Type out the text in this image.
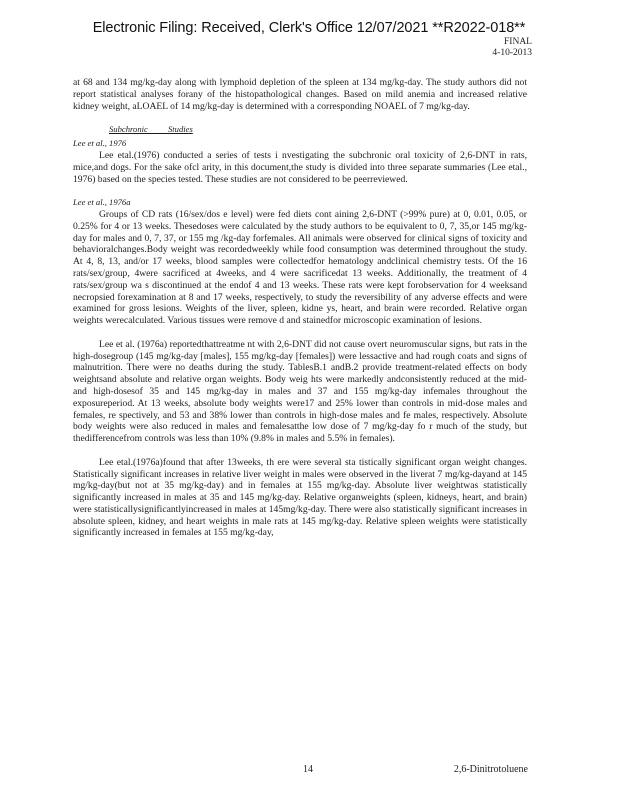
Electronic Filing: Received, Clerk's Office 12/07/2021 **R2022-018**
FINAL
4-10-2013

at 68 and 134 mg/kg-day along with lymphoid depletion of the spleen at 134 mg/kg-day. The study authors did not report statistical analyses forany of the histopathological changes. Based on mild anemia and increased relative kidney weight, aLOAEL of 14 mg/kg-day is determined with a corresponding NOAEL of 7 mg/kg-day.

Subchronic Studies
Lee et al., 1976

Lee etal.(1976) conducted a series of tests i nvestigating the subchronic oral toxicity of 2,6-DNT in rats, mice,and dogs. For the sake ofcl arity, in this document,the study is divided into three separate summaries (Lee etal., 1976) based on the species tested. These studies are not considered to be peerreviewed.

Lee et al., 1976a

Groups of CD rats (16/sex/dos e level) were fed diets cont aining 2,6-DNT (>99% pure) at 0, 0.01, 0.05, or 0.25% for 4 or 13 weeks. Thesedoses were calculated by the study authors to be equivalent to 0, 7, 35,or 145 mg/kg-day for males and 0, 7, 37, or 155 mg /kg-day forfemales. All animals were observed for clinical signs of toxicity and behavioralchanges.Body weight was recordedweekly while food consumption was determined throughout the study. At 4, 8, 13, and/or 17 weeks, blood samples were collectedfor hematology andclinical chemistry tests. Of the 16 rats/sex/group, 4were sacrificed at 4weeks, and 4 were sacrificedat 13 weeks. Additionally, the treatment of 4 rats/sex/group wa s discontinued at the endof 4 and 13 weeks. These rats were kept forobservation for 4 weeksand necropsied forexamination at 8 and 17 weeks, respectively, to study the reversibility of any adverse effects and were examined for gross lesions. Weights of the liver, spleen, kidne ys, heart, and brain were recorded. Relative organ weights werecalculated. Various tissues were remove d and stainedfor microscopic examination of lesions.

Lee et al. (1976a) reportedthattreatme nt with 2,6-DNT did not cause overt neuromuscular signs, but rats in the high-dosegroup (145 mg/kg-day [males], 155 mg/kg-day [females]) were lessactive and had rough coats and signs of malnutrition. There were no deaths during the study. TablesB.1 andB.2 provide treatment-related effects on body weightsand absolute and relative organ weights. Body weig hts were markedly andconsistently reduced at the mid- and high-dosesof 35 and 145 mg/kg-day in males and 37 and 155 mg/kg-day infemales throughout the exposureperiod. At 13 weeks, absolute body weights were17 and 25% lower than controls in mid-dose males and females, re spectively, and 53 and 38% lower than controls in high-dose males and fe males, respectively. Absolute body weights were also reduced in males and femalesatthe low dose of 7 mg/kg-day fo r much of the study, but thedifferencefrom controls was less than 10% (9.8% in males and 5.5% in females).

Lee etal.(1976a)found that after 13weeks, th ere were several sta tistically significant organ weight changes. Statistically significant increases in relative liver weight in males were observed in the liverat 7 mg/kg-dayand at 145 mg/kg-day(but not at 35 mg/kg-day) and in females at 155 mg/kg-day. Absolute liver weightwas statistically significantly increased in males at 35 and 145 mg/kg-day. Relative organweights (spleen, kidneys, heart, and brain) were statisticallysignificantlyincreased in males at 145mg/kg-day. There were also statistically significant increases in absolute spleen, kidney, and heart weights in male rats at 145 mg/kg-day. Relative spleen weights were statistically significantly increased in females at 155 mg/kg-day,

14	2,6-Dinitrotoluene
